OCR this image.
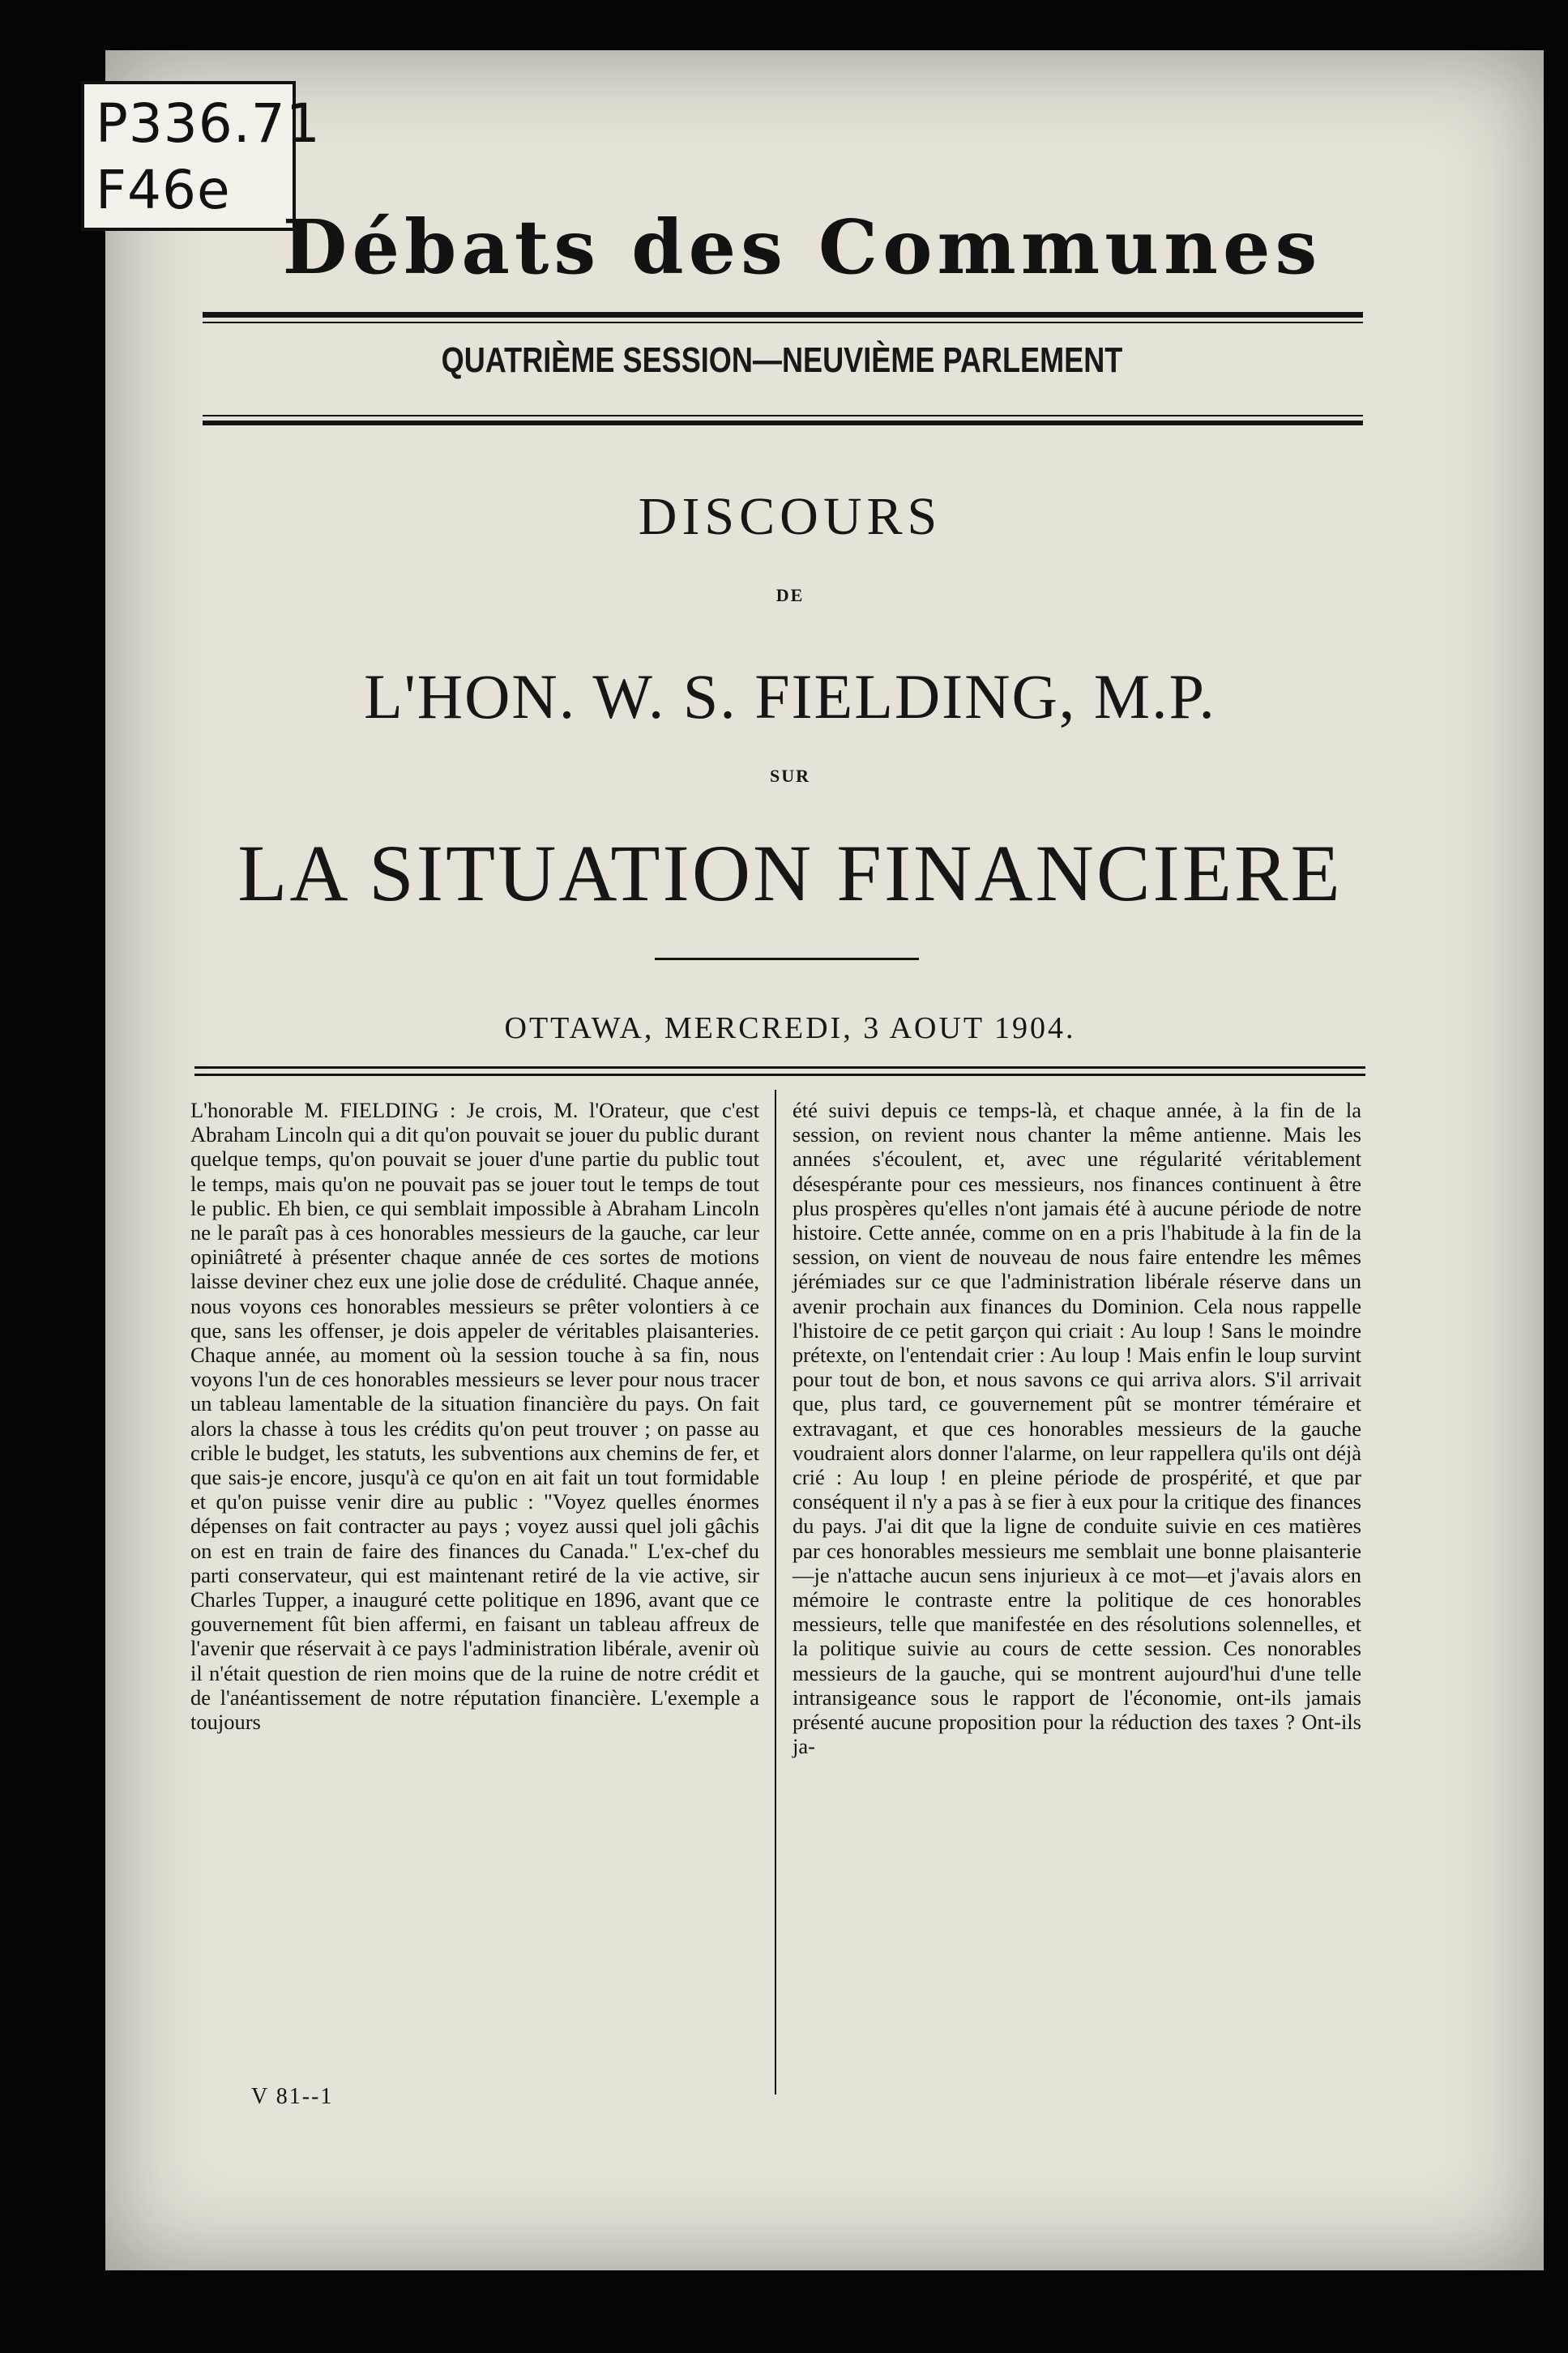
P336.71
F46e
Débats des Communes
QUATRIÈME SESSION—NEUVIÈME PARLEMENT
DISCOURS
DE
L'HON. W. S. FIELDING, M.P.
SUR
LA SITUATION FINANCIERE
OTTAWA, MERCREDI, 3 AOUT 1904.
L'honorable M. FIELDING : Je crois, M. l'Orateur, que c'est Abraham Lincoln qui a dit qu'on pouvait se jouer du public durant quelque temps, qu'on pouvait se jouer d'une partie du public tout le temps, mais qu'on ne pouvait pas se jouer tout le temps de tout le public. Eh bien, ce qui semblait impossible à Abraham Lincoln ne le paraît pas à ces honorables messieurs de la gauche, car leur opiniâtreté à présenter chaque année de ces sortes de motions laisse deviner chez eux une jolie dose de crédulité. Chaque année, nous voyons ces honorables messieurs se prêter volontiers à ce que, sans les offenser, je dois appeler de véritables plaisanteries. Chaque année, au moment où la session touche à sa fin, nous voyons l'un de ces honorables messieurs se lever pour nous tracer un tableau lamentable de la situation financière du pays. On fait alors la chasse à tous les crédits qu'on peut trouver ; on passe au crible le budget, les statuts, les subventions aux chemins de fer, et que sais-je encore, jusqu'à ce qu'on en ait fait un tout formidable et qu'on puisse venir dire au public : "Voyez quelles énormes dépenses on fait contracter au pays ; voyez aussi quel joli gâchis on est en train de faire des finances du Canada." L'ex-chef du parti conservateur, qui est maintenant retiré de la vie active, sir Charles Tupper, a inauguré cette politique en 1896, avant que ce gouvernement fût bien affermi, en faisant un tableau affreux de l'avenir que réservait à ce pays l'administration libérale, avenir où il n'était question de rien moins que de la ruine de notre crédit et de l'anéantissement de notre réputation financière. L'exemple a toujours
été suivi depuis ce temps-là, et chaque année, à la fin de la session, on revient nous chanter la même antienne. Mais les années s'écoulent, et, avec une régularité véritablement désespérante pour ces messieurs, nos finances continuent à être plus prospères qu'elles n'ont jamais été à aucune période de notre histoire. Cette année, comme on en a pris l'habitude à la fin de la session, on vient de nouveau de nous faire entendre les mêmes jérémiades sur ce que l'administration libérale réserve dans un avenir prochain aux finances du Dominion. Cela nous rappelle l'histoire de ce petit garçon qui criait : Au loup ! Sans le moindre prétexte, on l'entendait crier : Au loup ! Mais enfin le loup survint pour tout de bon, et nous savons ce qui arriva alors. S'il arrivait que, plus tard, ce gouvernement pût se montrer téméraire et extravagant, et que ces honorables messieurs de la gauche voudraient alors donner l'alarme, on leur rappellera qu'ils ont déjà crié : Au loup ! en pleine période de prospérité, et que par conséquent il n'y a pas à se fier à eux pour la critique des finances du pays. J'ai dit que la ligne de conduite suivie en ces matières par ces honorables messieurs me semblait une bonne plaisanterie—je n'attache aucun sens injurieux à ce mot—et j'avais alors en mémoire le contraste entre la politique de ces honorables messieurs, telle que manifestée en des résolutions solennelles, et la politique suivie au cours de cette session. Ces nonorables messieurs de la gauche, qui se montrent aujourd'hui d'une telle intransigeance sous le rapport de l'économie, ont-ils jamais présenté aucune proposition pour la réduction des taxes ? Ont-ils ja-
V 81--1
